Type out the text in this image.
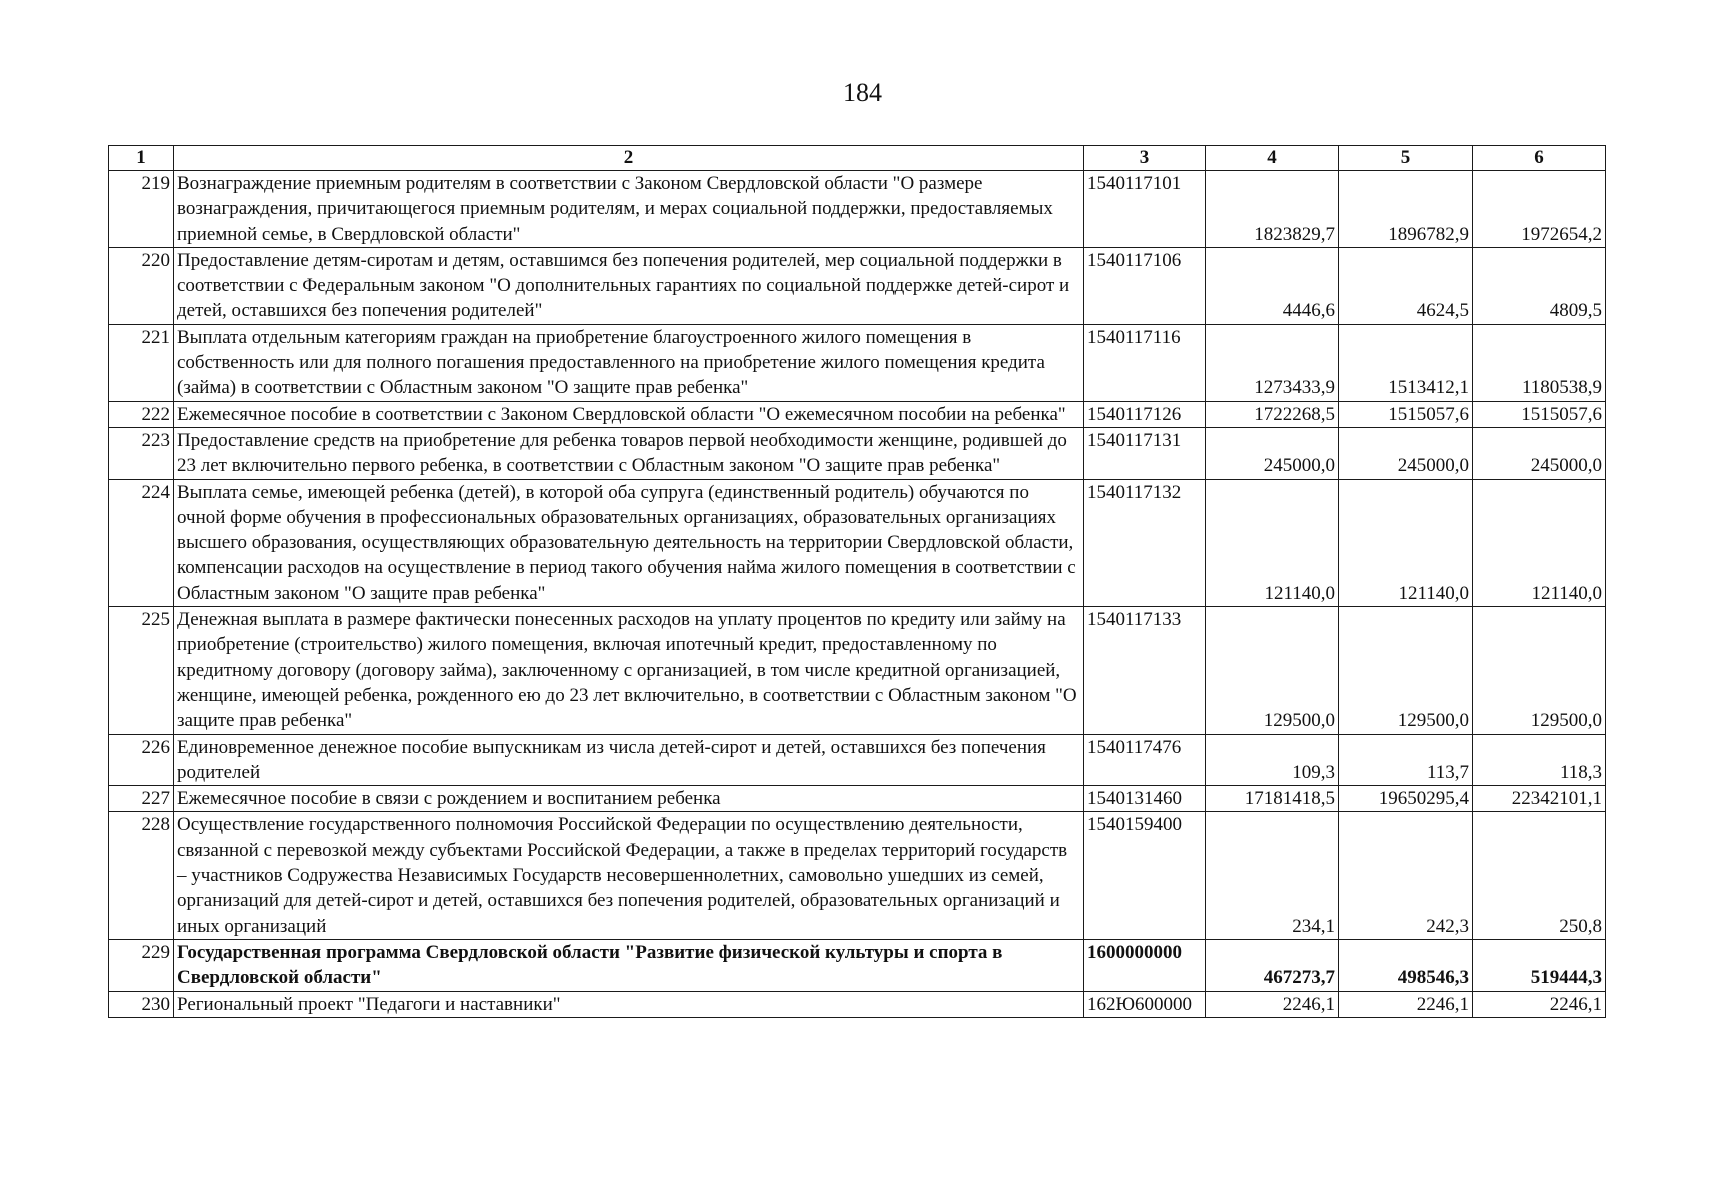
184
1	2	3	4	5	6
219	Вознаграждение приемным родителям в соответствии с Законом Свердловской области "О размере вознаграждения, причитающегося приемным родителям, и мерах социальной поддержки, предоставляемых приемной семье, в Свердловской области"	1540117101	1823829,7	1896782,9	1972654,2
220	Предоставление детям-сиротам и детям, оставшимся без попечения родителей, мер социальной поддержки в соответствии с Федеральным законом "О дополнительных гарантиях по социальной поддержке детей-сирот и детей, оставшихся без попечения родителей"	1540117106	4446,6	4624,5	4809,5
221	Выплата отдельным категориям граждан на приобретение благоустроенного жилого помещения в собственность или для полного погашения предоставленного на приобретение жилого помещения кредита (займа) в соответствии с Областным законом "О защите прав ребенка"	1540117116	1273433,9	1513412,1	1180538,9
222	Ежемесячное пособие в соответствии с Законом Свердловской области "О ежемесячном пособии на ребенка"	1540117126	1722268,5	1515057,6	1515057,6
223	Предоставление средств на приобретение для ребенка товаров первой необходимости женщине, родившей до 23 лет включительно первого ребенка, в соответствии с Областным законом "О защите прав ребенка"	1540117131	245000,0	245000,0	245000,0
224	Выплата семье, имеющей ребенка (детей), в которой оба супруга (единственный родитель) обучаются по очной форме обучения в профессиональных образовательных организациях, образовательных организациях высшего образования, осуществляющих образовательную деятельность на территории Свердловской области, компенсации расходов на осуществление в период такого обучения найма жилого помещения в соответствии с Областным законом "О защите прав ребенка"	1540117132	121140,0	121140,0	121140,0
225	Денежная выплата в размере фактически понесенных расходов на уплату процентов по кредиту или займу на приобретение (строительство) жилого помещения, включая ипотечный кредит, предоставленному по кредитному договору (договору займа), заключенному с организацией, в том числе кредитной организацией, женщине, имеющей ребенка, рожденного ею до 23 лет включительно, в соответствии с Областным законом "О защите прав ребенка"	1540117133	129500,0	129500,0	129500,0
226	Единовременное денежное пособие выпускникам из числа детей-сирот и детей, оставшихся без попечения родителей	1540117476	109,3	113,7	118,3
227	Ежемесячное пособие в связи с рождением и воспитанием ребенка	1540131460	17181418,5	19650295,4	22342101,1
228	Осуществление государственного полномочия Российской Федерации по осуществлению деятельности, связанной с перевозкой между субъектами Российской Федерации, а также в пределах территорий государств – участников Содружества Независимых Государств несовершеннолетних, самовольно ушедших из семей, организаций для детей-сирот и детей, оставшихся без попечения родителей, образовательных организаций и иных организаций	1540159400	234,1	242,3	250,8
229	Государственная программа Свердловской области "Развитие физической культуры и спорта в Свердловской области"	1600000000	467273,7	498546,3	519444,3
230	Региональный проект "Педагоги и наставники"	162Ю600000	2246,1	2246,1	2246,1
